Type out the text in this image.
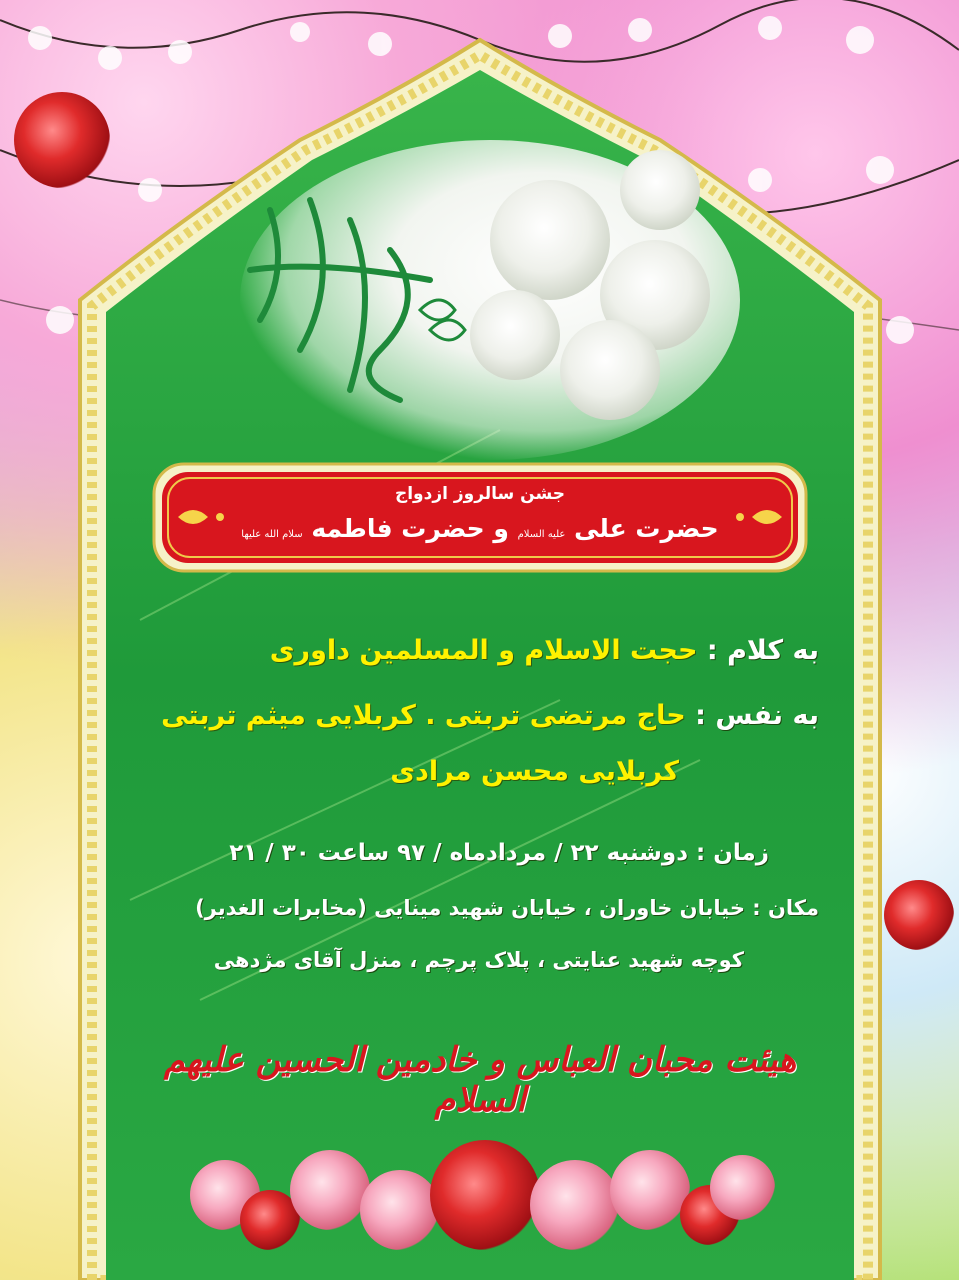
جشن سالروز ازدواج
حضرت علی علیه السلام و حضرت فاطمه سلام الله علیها
به کلام : حجت الاسلام و المسلمین داوری
به نفس : حاج مرتضی تربتی . کربلایی میثم تربتی
کربلایی محسن مرادی
زمان : دوشنبه ۲۲ / مردادماه / ۹۷ ساعت ۳۰ / ۲۱
مکان : خیابان خاوران ، خیابان شهید مینایی (مخابرات الغدیر)
کوچه شهید عنایتی ، پلاک پرچم ، منزل آقای مژدهی
هیئت محبان العباس و خادمین الحسین علیهم السلام
